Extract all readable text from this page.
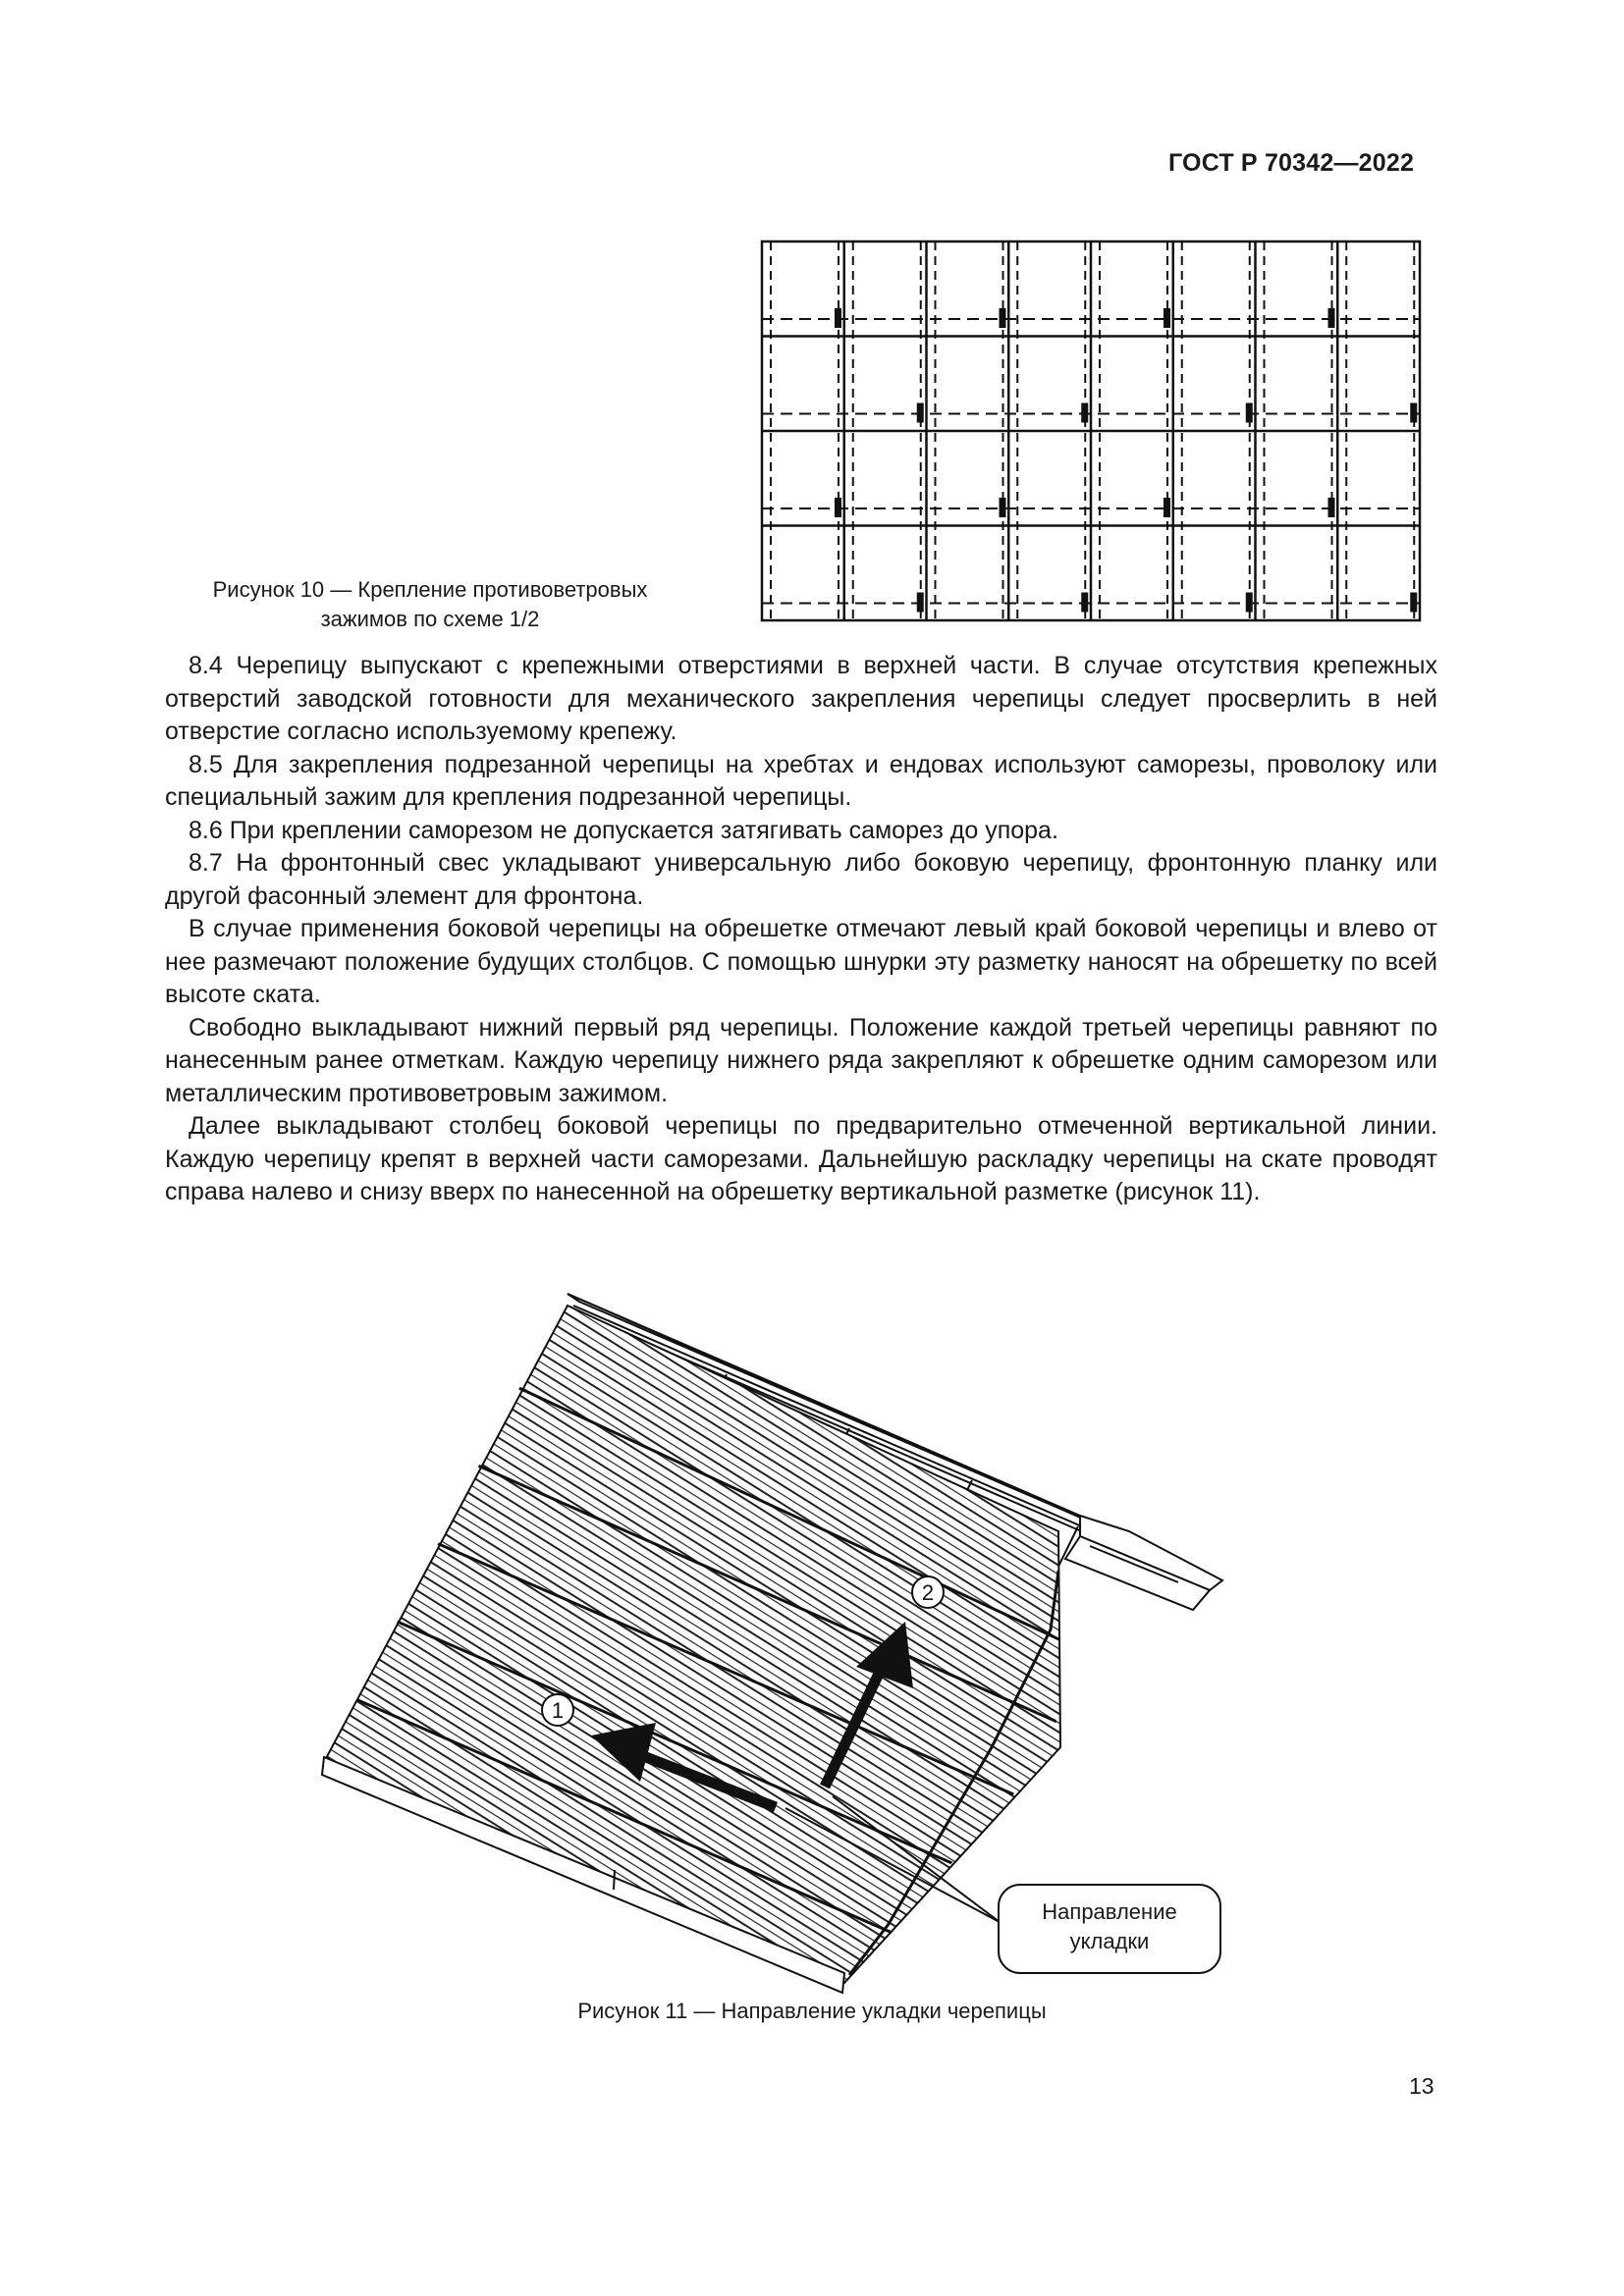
ГОСТ Р 70342—2022
Рисунок 10 — Крепление противоветровых
зажимов по схеме 1/2

8.4 Черепицу выпускают с крепежными отверстиями в верхней части. В случае отсутствия крепежных отверстий заводской готовности для механического закрепления черепицы следует просверлить в ней отверстие согласно используемому крепежу.

8.5 Для закрепления подрезанной черепицы на хребтах и ендовах используют саморезы, проволоку или специальный зажим для крепления подрезанной черепицы.

8.6 При креплении саморезом не допускается затягивать саморез до упора.

8.7 На фронтонный свес укладывают универсальную либо боковую черепицу, фронтонную планку или другой фасонный элемент для фронтона.

В случае применения боковой черепицы на обрешетке отмечают левый край боковой черепицы и влево от нее размечают положение будущих столбцов. С помощью шнурки эту разметку наносят на обрешетку по всей высоте ската.

Свободно выкладывают нижний первый ряд черепицы. Положение каждой третьей черепицы равняют по нанесенным ранее отметкам. Каждую черепицу нижнего ряда закрепляют к обрешетке одним саморезом или металлическим противоветровым зажимом.

Далее выкладывают столбец боковой черепицы по предварительно отмеченной вертикальной линии. Каждую черепицу крепят в верхней части саморезами. Дальнейшую раскладку черепицы на скате проводят справа налево и снизу вверх по нанесенной на обрешетку вертикальной разметке (рисунок 11).

1
2
Направление
укладки
Рисунок 11 — Направление укладки черепицы
13
